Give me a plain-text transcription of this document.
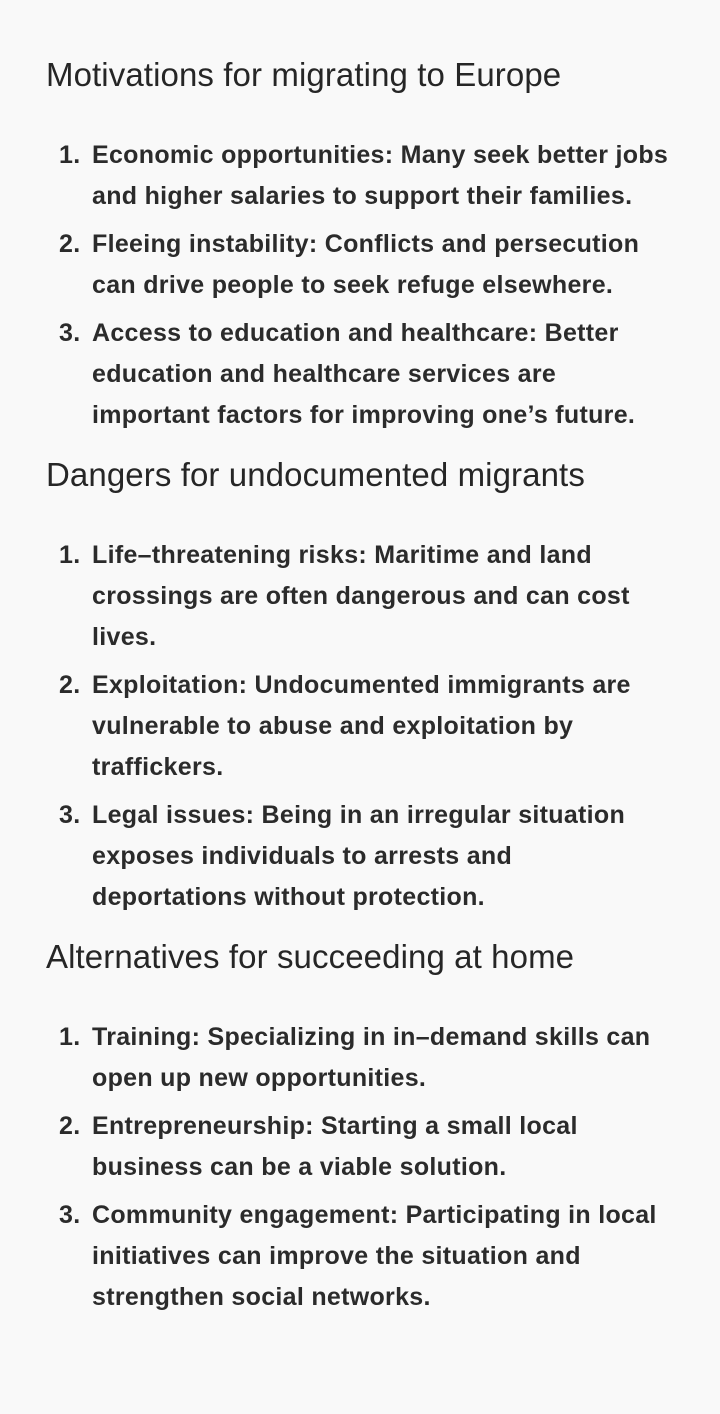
Motivations for migrating to Europe
1. Economic opportunities: Many seek better jobs and higher salaries to support their families.
2. Fleeing instability: Conflicts and persecution can drive people to seek refuge elsewhere.
3. Access to education and healthcare: Better education and healthcare services are important factors for improving one’s future.
Dangers for undocumented migrants
1. Life–threatening risks: Maritime and land crossings are often dangerous and can cost lives.
2. Exploitation: Undocumented immigrants are vulnerable to abuse and exploitation by traffickers.
3. Legal issues: Being in an irregular situation exposes individuals to arrests and deportations without protection.
Alternatives for succeeding at home
1. Training: Specializing in in–demand skills can open up new opportunities.
2. Entrepreneurship: Starting a small local business can be a viable solution.
3. Community engagement: Participating in local initiatives can improve the situation and strengthen social networks.
